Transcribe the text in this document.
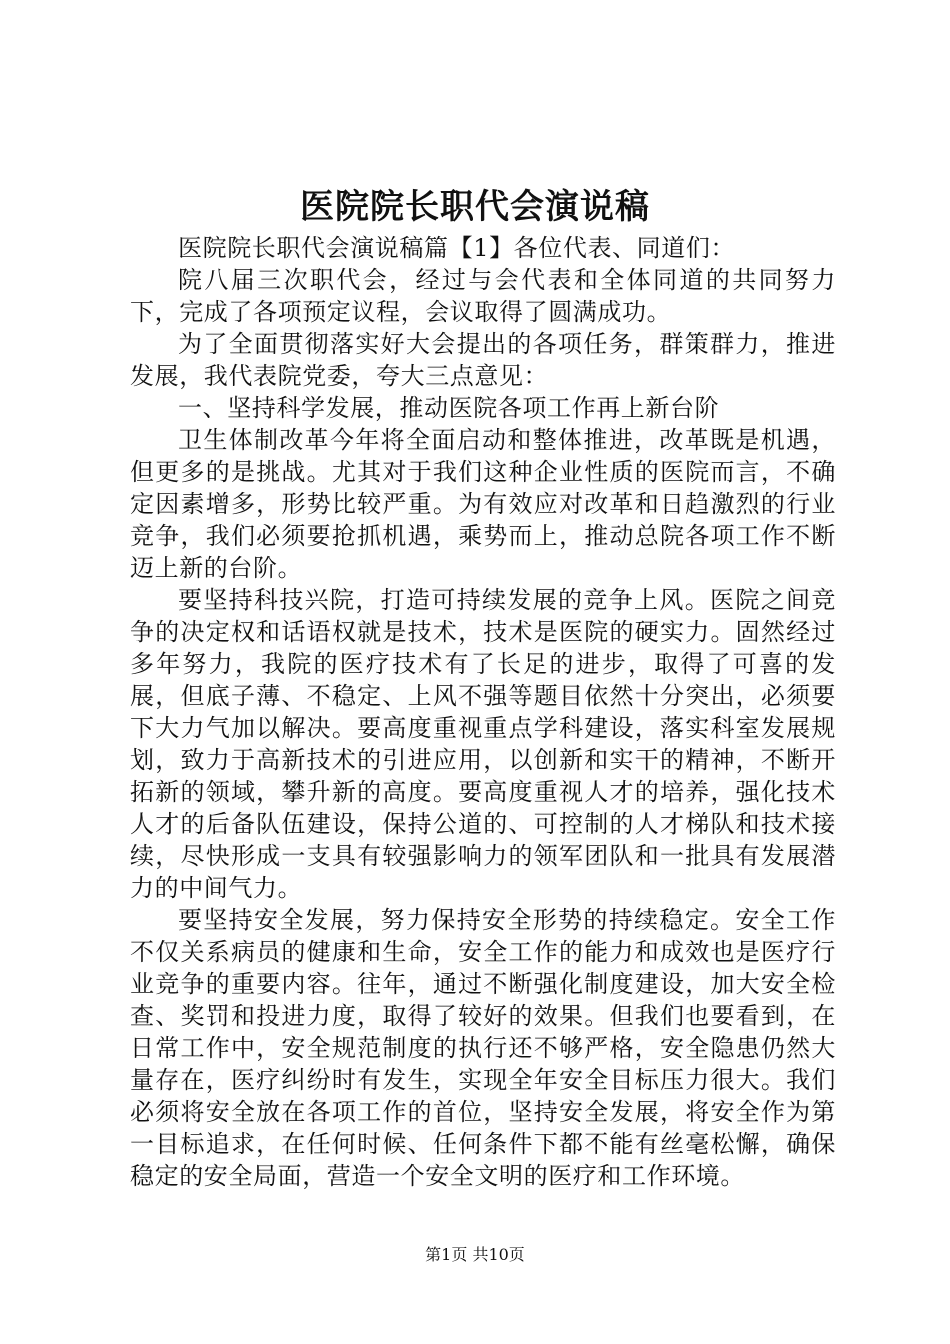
医院院长职代会演说稿

医院院长职代会演说稿篇【1】各位代表、同道们：

院八届三次职代会，经过与会代表和全体同道的共同努力下，完成了各项预定议程，会议取得了圆满成功。

为了全面贯彻落实好大会提出的各项任务，群策群力，推进发展，我代表院党委，夸大三点意见：

一、坚持科学发展，推动医院各项工作再上新台阶

卫生体制改革今年将全面启动和整体推进，改革既是机遇，但更多的是挑战。尤其对于我们这种企业性质的医院而言，不确定因素增多，形势比较严重。为有效应对改革和日趋激烈的行业竞争，我们必须要抢抓机遇，乘势而上，推动总院各项工作不断迈上新的台阶。

要坚持科技兴院，打造可持续发展的竞争上风。医院之间竞争的决定权和话语权就是技术，技术是医院的硬实力。固然经过多年努力，我院的医疗技术有了长足的进步，取得了可喜的发展，但底子薄、不稳定、上风不强等题目依然十分突出，必须要下大力气加以解决。要高度重视重点学科建设，落实科室发展规划，致力于高新技术的引进应用，以创新和实干的精神，不断开拓新的领域，攀升新的高度。要高度重视人才的培养，强化技术人才的后备队伍建设，保持公道的、可控制的人才梯队和技术接续，尽快形成一支具有较强影响力的领军团队和一批具有发展潜力的中间气力。

要坚持安全发展，努力保持安全形势的持续稳定。安全工作不仅关系病员的健康和生命，安全工作的能力和成效也是医疗行业竞争的重要内容。往年，通过不断强化制度建设，加大安全检查、奖罚和投进力度，取得了较好的效果。但我们也要看到，在日常工作中，安全规范制度的执行还不够严格，安全隐患仍然大量存在，医疗纠纷时有发生，实现全年安全目标压力很大。我们必须将安全放在各项工作的首位，坚持安全发展，将安全作为第一目标追求，在任何时候、任何条件下都不能有丝毫松懈，确保稳定的安全局面，营造一个安全文明的医疗和工作环境。

第1页 共10页
